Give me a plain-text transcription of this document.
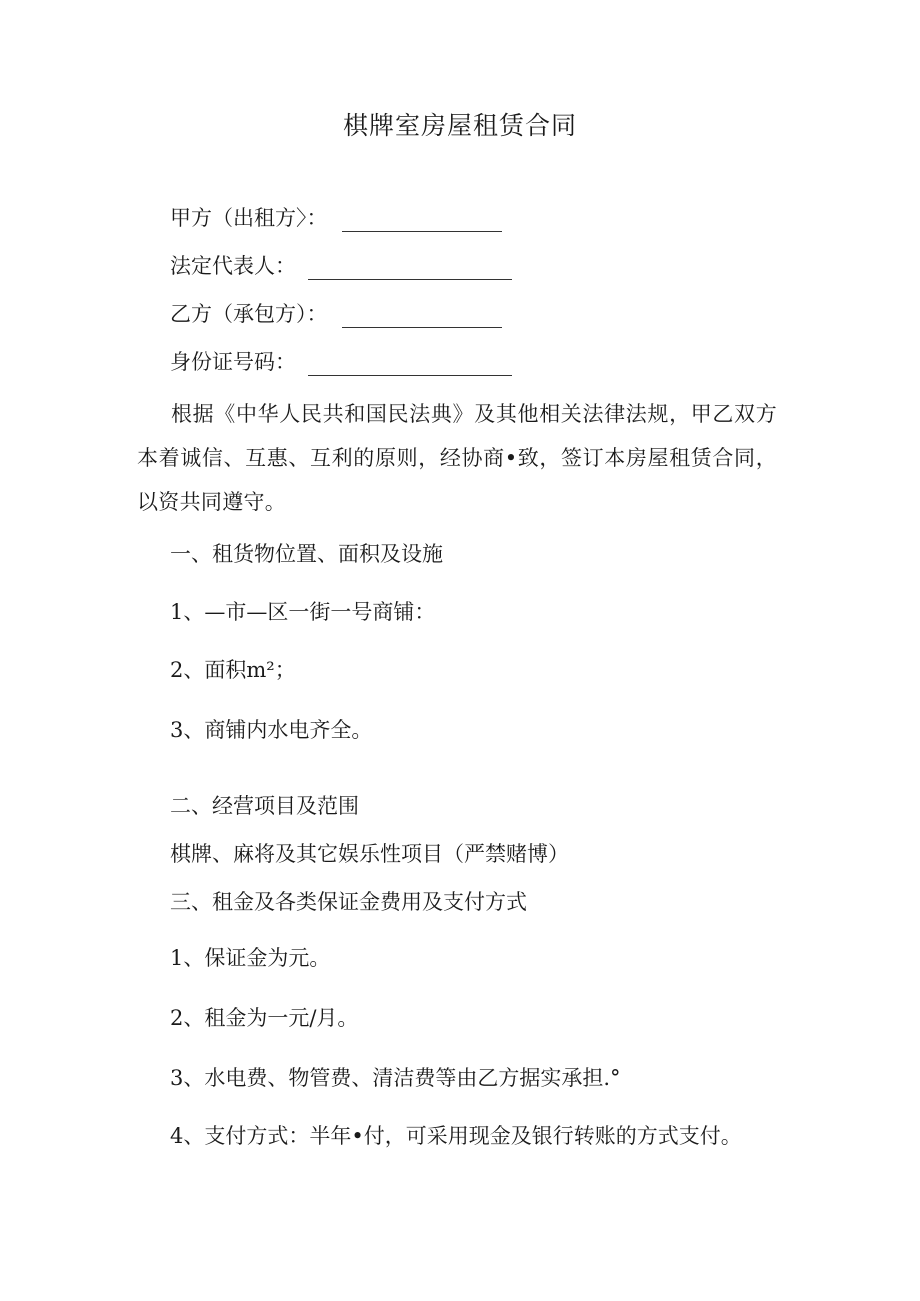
棋牌室房屋租赁合同
甲方（出租方〉：
法定代表人：
乙方（承包方）：
身份证号码：
根据《中华人民共和国民法典》及其他相关法律法规，甲乙双方本着诚信、互惠、互利的原则，经协商•致，签订本房屋租赁合同，以资共同遵守。
一、租货物位置、面积及设施
1、—市—区一街一号商铺：
2、面积m²；
3、商铺内水电齐全。
二、经营项目及范围
棋牌、麻将及其它娱乐性项目（严禁赌博）
三、租金及各类保证金费用及支付方式
1、保证金为元。
2、租金为一元/月。
3、水电费、物管费、清洁费等由乙方据实承担.°
4、支付方式：半年•付，可采用现金及银行转账的方式支付。
